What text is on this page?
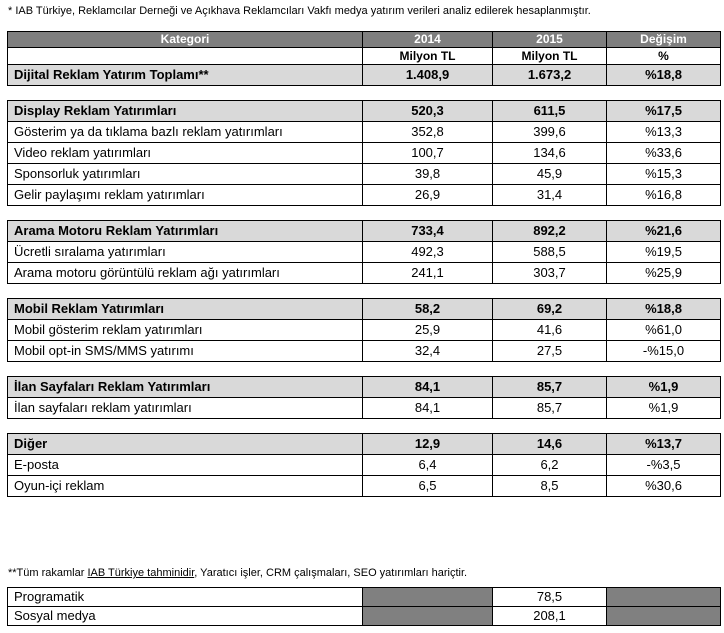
* IAB Türkiye, Reklamcılar Derneği ve Açıkhava Reklamcıları Vakfı medya yatırım verileri analiz edilerek hesaplanmıştır.
Kategori	2014	2015	Değişim
	Milyon TL	Milyon TL	%
Dijital Reklam Yatırım Toplamı**	1.408,9	1.673,2	%18,8

Display Reklam Yatırımları	520,3	611,5	%17,5
Gösterim ya da tıklama bazlı reklam yatırımları	352,8	399,6	%13,3
Video reklam yatırımları	100,7	134,6	%33,6
Sponsorluk yatırımları	39,8	45,9	%15,3
Gelir paylaşımı reklam yatırımları	26,9	31,4	%16,8

Arama Motoru Reklam Yatırımları	733,4	892,2	%21,6
Ücretli sıralama yatırımları	492,3	588,5	%19,5
Arama motoru görüntülü reklam ağı yatırımları	241,1	303,7	%25,9

Mobil Reklam Yatırımları	58,2	69,2	%18,8
Mobil gösterim reklam yatırımları	25,9	41,6	%61,0
Mobil opt-in SMS/MMS yatırımı	32,4	27,5	-%15,0

İlan Sayfaları Reklam Yatırımları	84,1	85,7	%1,9
İlan sayfaları reklam yatırımları	84,1	85,7	%1,9

Diğer	12,9	14,6	%13,7
E-posta	6,4	6,2	-%3,5
Oyun-içi reklam	6,5	8,5	%30,6
**Tüm rakamlar IAB Türkiye tahminidir, Yaratıcı işler, CRM çalışmaları, SEO yatırımları hariçtir.
Programatik		78,5	
Sosyal medya		208,1	
